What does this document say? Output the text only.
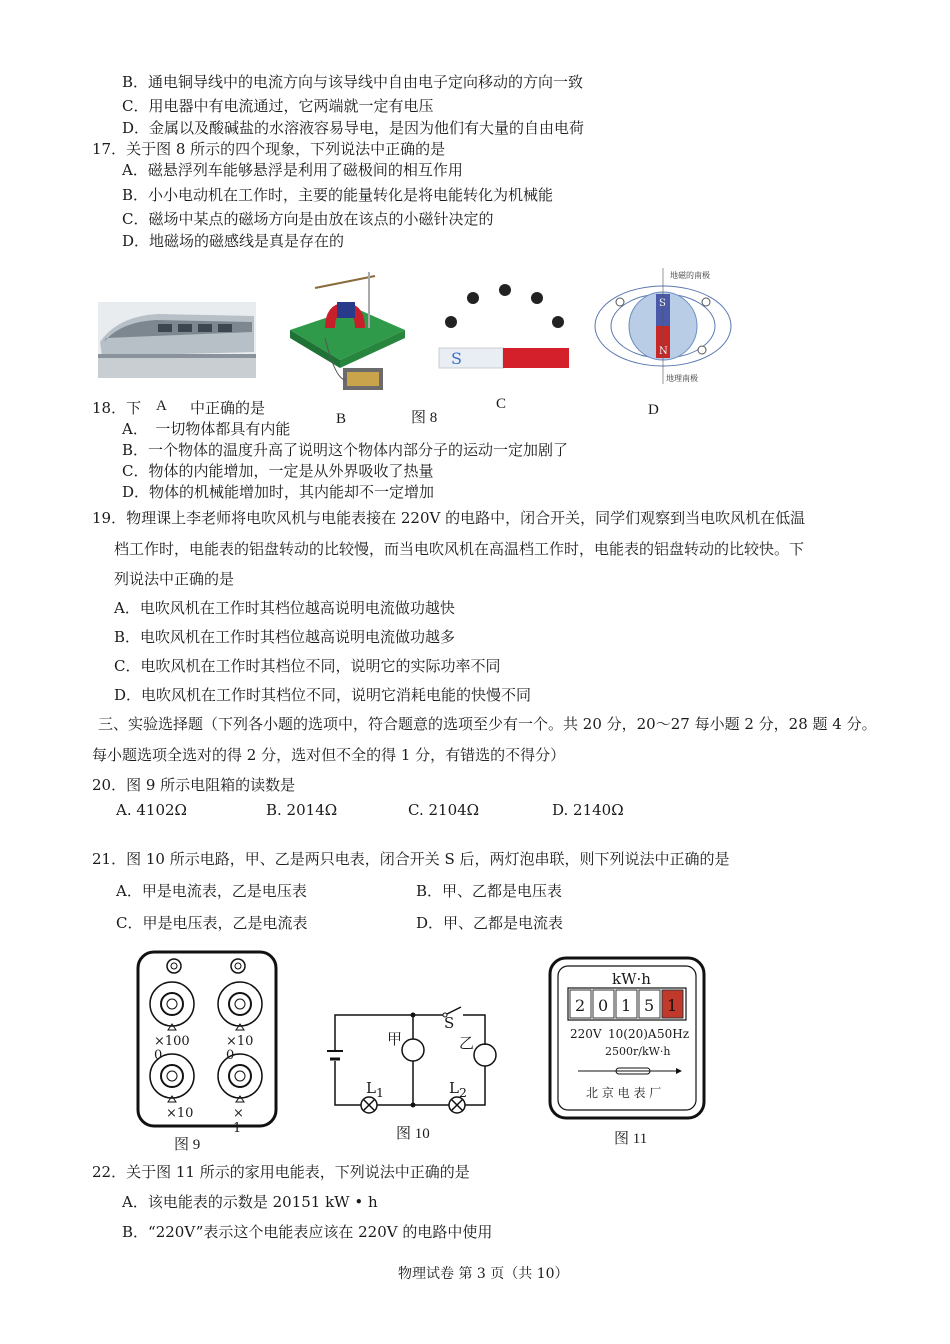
B．通电铜导线中的电流方向与该导线中自由电子定向移动的方向一致
C．用电器中有电流通过，它两端就一定有电压
D．金属以及酸碱盐的水溶液容易导电，是因为他们有大量的自由电荷
17．关于图 8 所示的四个现象，下列说法中正确的是
A．磁悬浮列车能够悬浮是利用了磁极间的相互作用
B．小小电动机在工作时，主要的能量转化是将电能转化为机械能
C．磁场中某点的磁场方向是由放在该点的小磁针决定的
D．地磁场的磁感线是真是存在的
S
S
N
地磁的南极
地理南极
A
B	图 8
C	D
18．下	中正确的是
A．　一切物体都具有内能
B．一个物体的温度升高了说明这个物体内部分子的运动一定加剧了
C．物体的内能增加，一定是从外界吸收了热量
D．物体的机械能增加时，其内能却不一定增加
19．物理课上李老师将电吹风机与电能表接在 220V 的电路中，闭合开关，同学们观察到当电吹风机在低温
档工作时，电能表的铝盘转动的比较慢，而当电吹风机在高温档工作时，电能表的铝盘转动的比较快。下
列说法中正确的是
A．电吹风机在工作时其档位越高说明电流做功越快
B．电吹风机在工作时其档位越高说明电流做功越多
C．电吹风机在工作时其档位不同，说明它的实际功率不同
D．电吹风机在工作时其档位不同，说明它消耗电能的快慢不同
三、实验选择题（下列各小题的选项中，符合题意的选项至少有一个。共 20 分，20～27 每小题 2 分，28 题 4 分。
每小题选项全选对的得 2 分，选对但不全的得 1 分，有错选的不得分）
20．图 9 所示电阻箱的读数是
A. 4102Ω	B. 2014Ω	C. 2104Ω	D. 2140Ω
21．图 10 所示电路，甲、乙是两只电表，闭合开关 S 后，两灯泡串联，则下列说法中正确的是
A．甲是电流表，乙是电压表	B．甲、乙都是电压表
C．甲是电压表，乙是电流表	D．甲、乙都是电流表
×100
0
×10
0
×10	×
1
图 9
甲	乙
S
$L_1$	$L_2$
图 10
kW·h
2 0 1 5 1
220V 10(20)A 50Hz
2500r/kW·h
北 京 电 表 厂
图 11
22．关于图 11 所示的家用电能表，下列说法中正确的是
A．该电能表的示数是 20151 kW • h
B．“220V”表示这个电能表应该在 220V 的电路中使用
物理试卷 第 3 页（共 10）
